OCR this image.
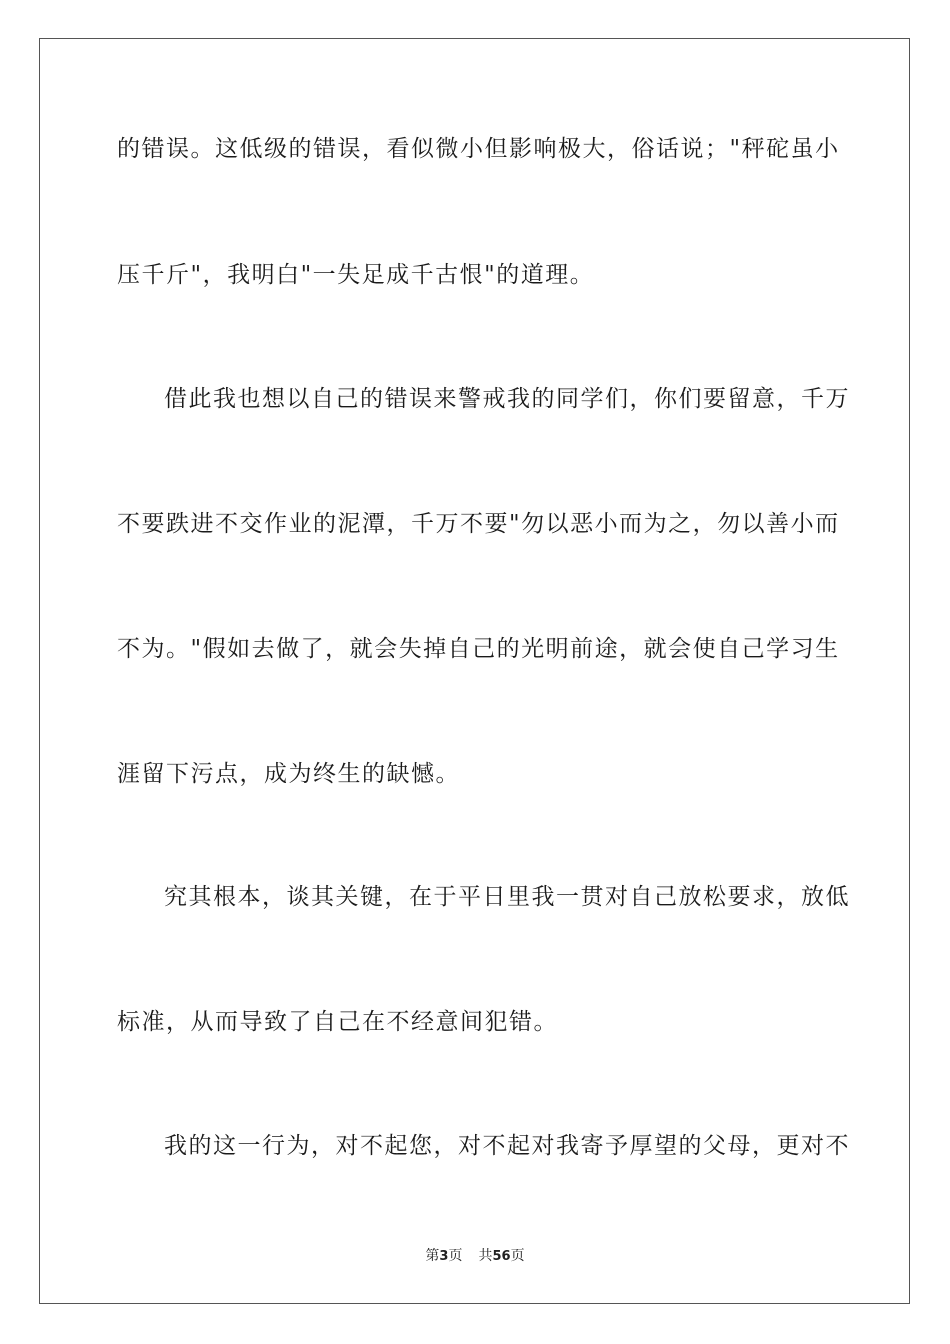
的错误。这低级的错误，看似微小但影响极大，俗话说；"秤砣虽小
压千斤"，我明白"一失足成千古恨"的道理。
借此我也想以自己的错误来警戒我的同学们，你们要留意，千万
不要跌进不交作业的泥潭，千万不要"勿以恶小而为之，勿以善小而
不为。"假如去做了，就会失掉自己的光明前途，就会使自己学习生
涯留下污点，成为终生的缺憾。
究其根本，谈其关键，在于平日里我一贯对自己放松要求，放低
标准，从而导致了自己在不经意间犯错。
我的这一行为，对不起您，对不起对我寄予厚望的父母，更对不
第3页 共56页
